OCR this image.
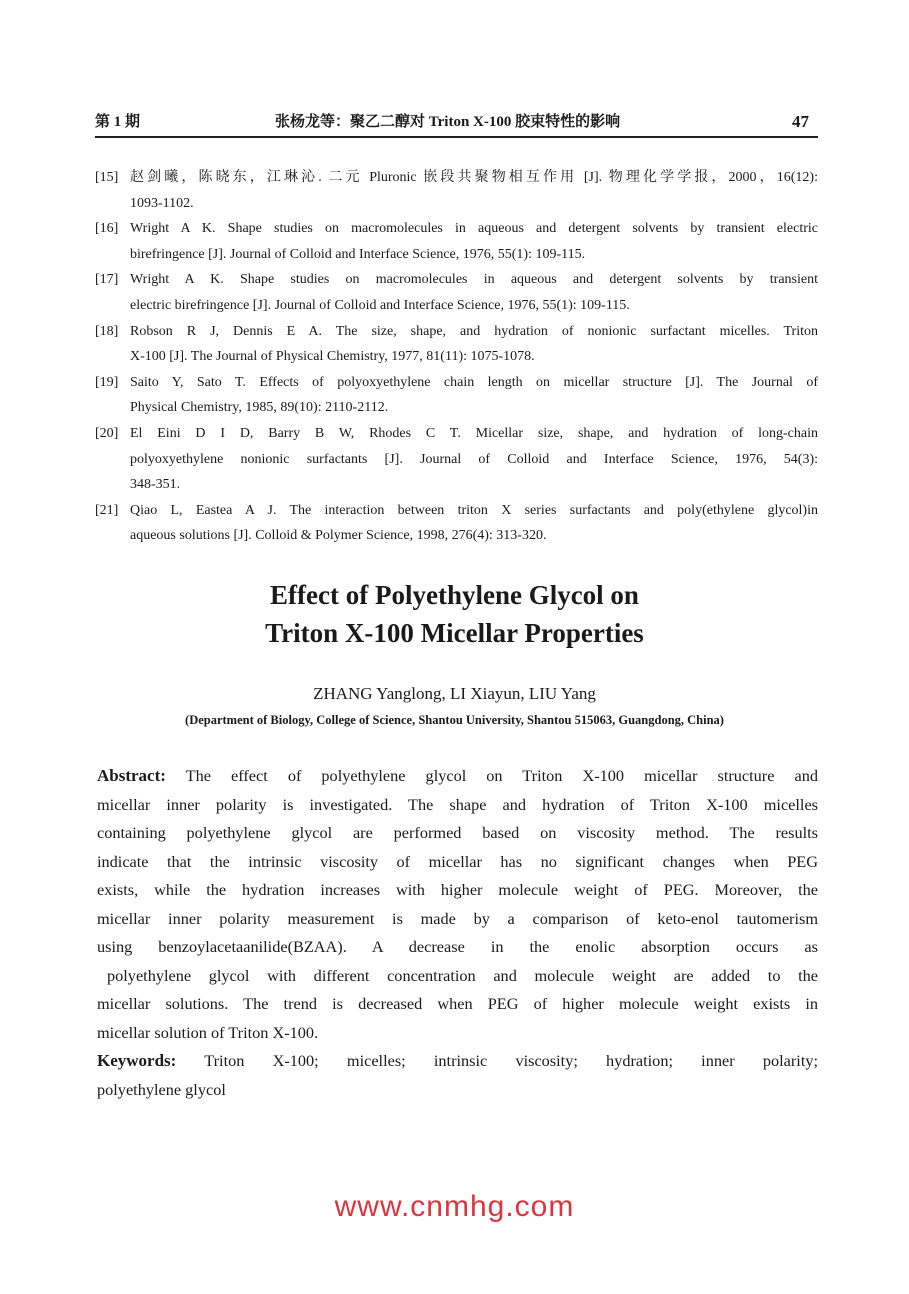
第 1 期	张杨龙等：聚乙二醇对 Triton X-100 胶束特性的影响	47
[15] 赵剑曦，陈晓东，江琳沁. 二元 Pluronic 嵌段共聚物相互作用 [J]. 物理化学学报，2000，16(12):
1093-1102.
[16] Wright A K. Shape studies on macromolecules in aqueous and detergent solvents by transient electric
birefringence [J]. Journal of Colloid and Interface Science, 1976, 55(1): 109-115.
[17] Wright A K. Shape studies on macromolecules in aqueous and detergent solvents by transient
electric birefringence [J]. Journal of Colloid and Interface Science, 1976, 55(1): 109-115.
[18] Robson R J, Dennis E A. The size, shape, and hydration of nonionic surfactant micelles. Triton
X-100 [J]. The Journal of Physical Chemistry, 1977, 81(11): 1075-1078.
[19] Saito Y, Sato T. Effects of polyoxyethylene chain length on micellar structure [J]. The Journal of
Physical Chemistry, 1985, 89(10): 2110-2112.
[20] El Eini D I D, Barry B W, Rhodes C T. Micellar size, shape, and hydration of long-chain
polyoxyethylene nonionic surfactants [J]. Journal of Colloid and Interface Science, 1976, 54(3):
348-351.
[21] Qiao L, Eastea A J. The interaction between triton X series surfactants and poly(ethylene glycol)in
aqueous solutions [J]. Colloid & Polymer Science, 1998, 276(4): 313-320.
Effect of Polyethylene Glycol on
Triton X-100 Micellar Properties
ZHANG Yanglong, LI Xiayun, LIU Yang
(Department of Biology, College of Science, Shantou University, Shantou 515063, Guangdong, China)
Abstract: The effect of polyethylene glycol on Triton X-100 micellar structure and
micellar inner polarity is investigated. The shape and hydration of Triton X-100 micelles
containing polyethylene glycol are performed based on viscosity method. The results
indicate that the intrinsic viscosity of micellar has no significant changes when PEG
exists, while the hydration increases with higher molecule weight of PEG. Moreover, the
micellar inner polarity measurement is made by a comparison of keto-enol tautomerism
using benzoylacetaanilide(BZAA). A decrease in the enolic absorption occurs as
polyethylene glycol with different concentration and molecule weight are added to the
micellar solutions. The trend is decreased when PEG of higher molecule weight exists in
micellar solution of Triton X-100.
Keywords: Triton X-100; micelles; intrinsic viscosity; hydration; inner polarity;
polyethylene glycol
www.cnmhg.com
